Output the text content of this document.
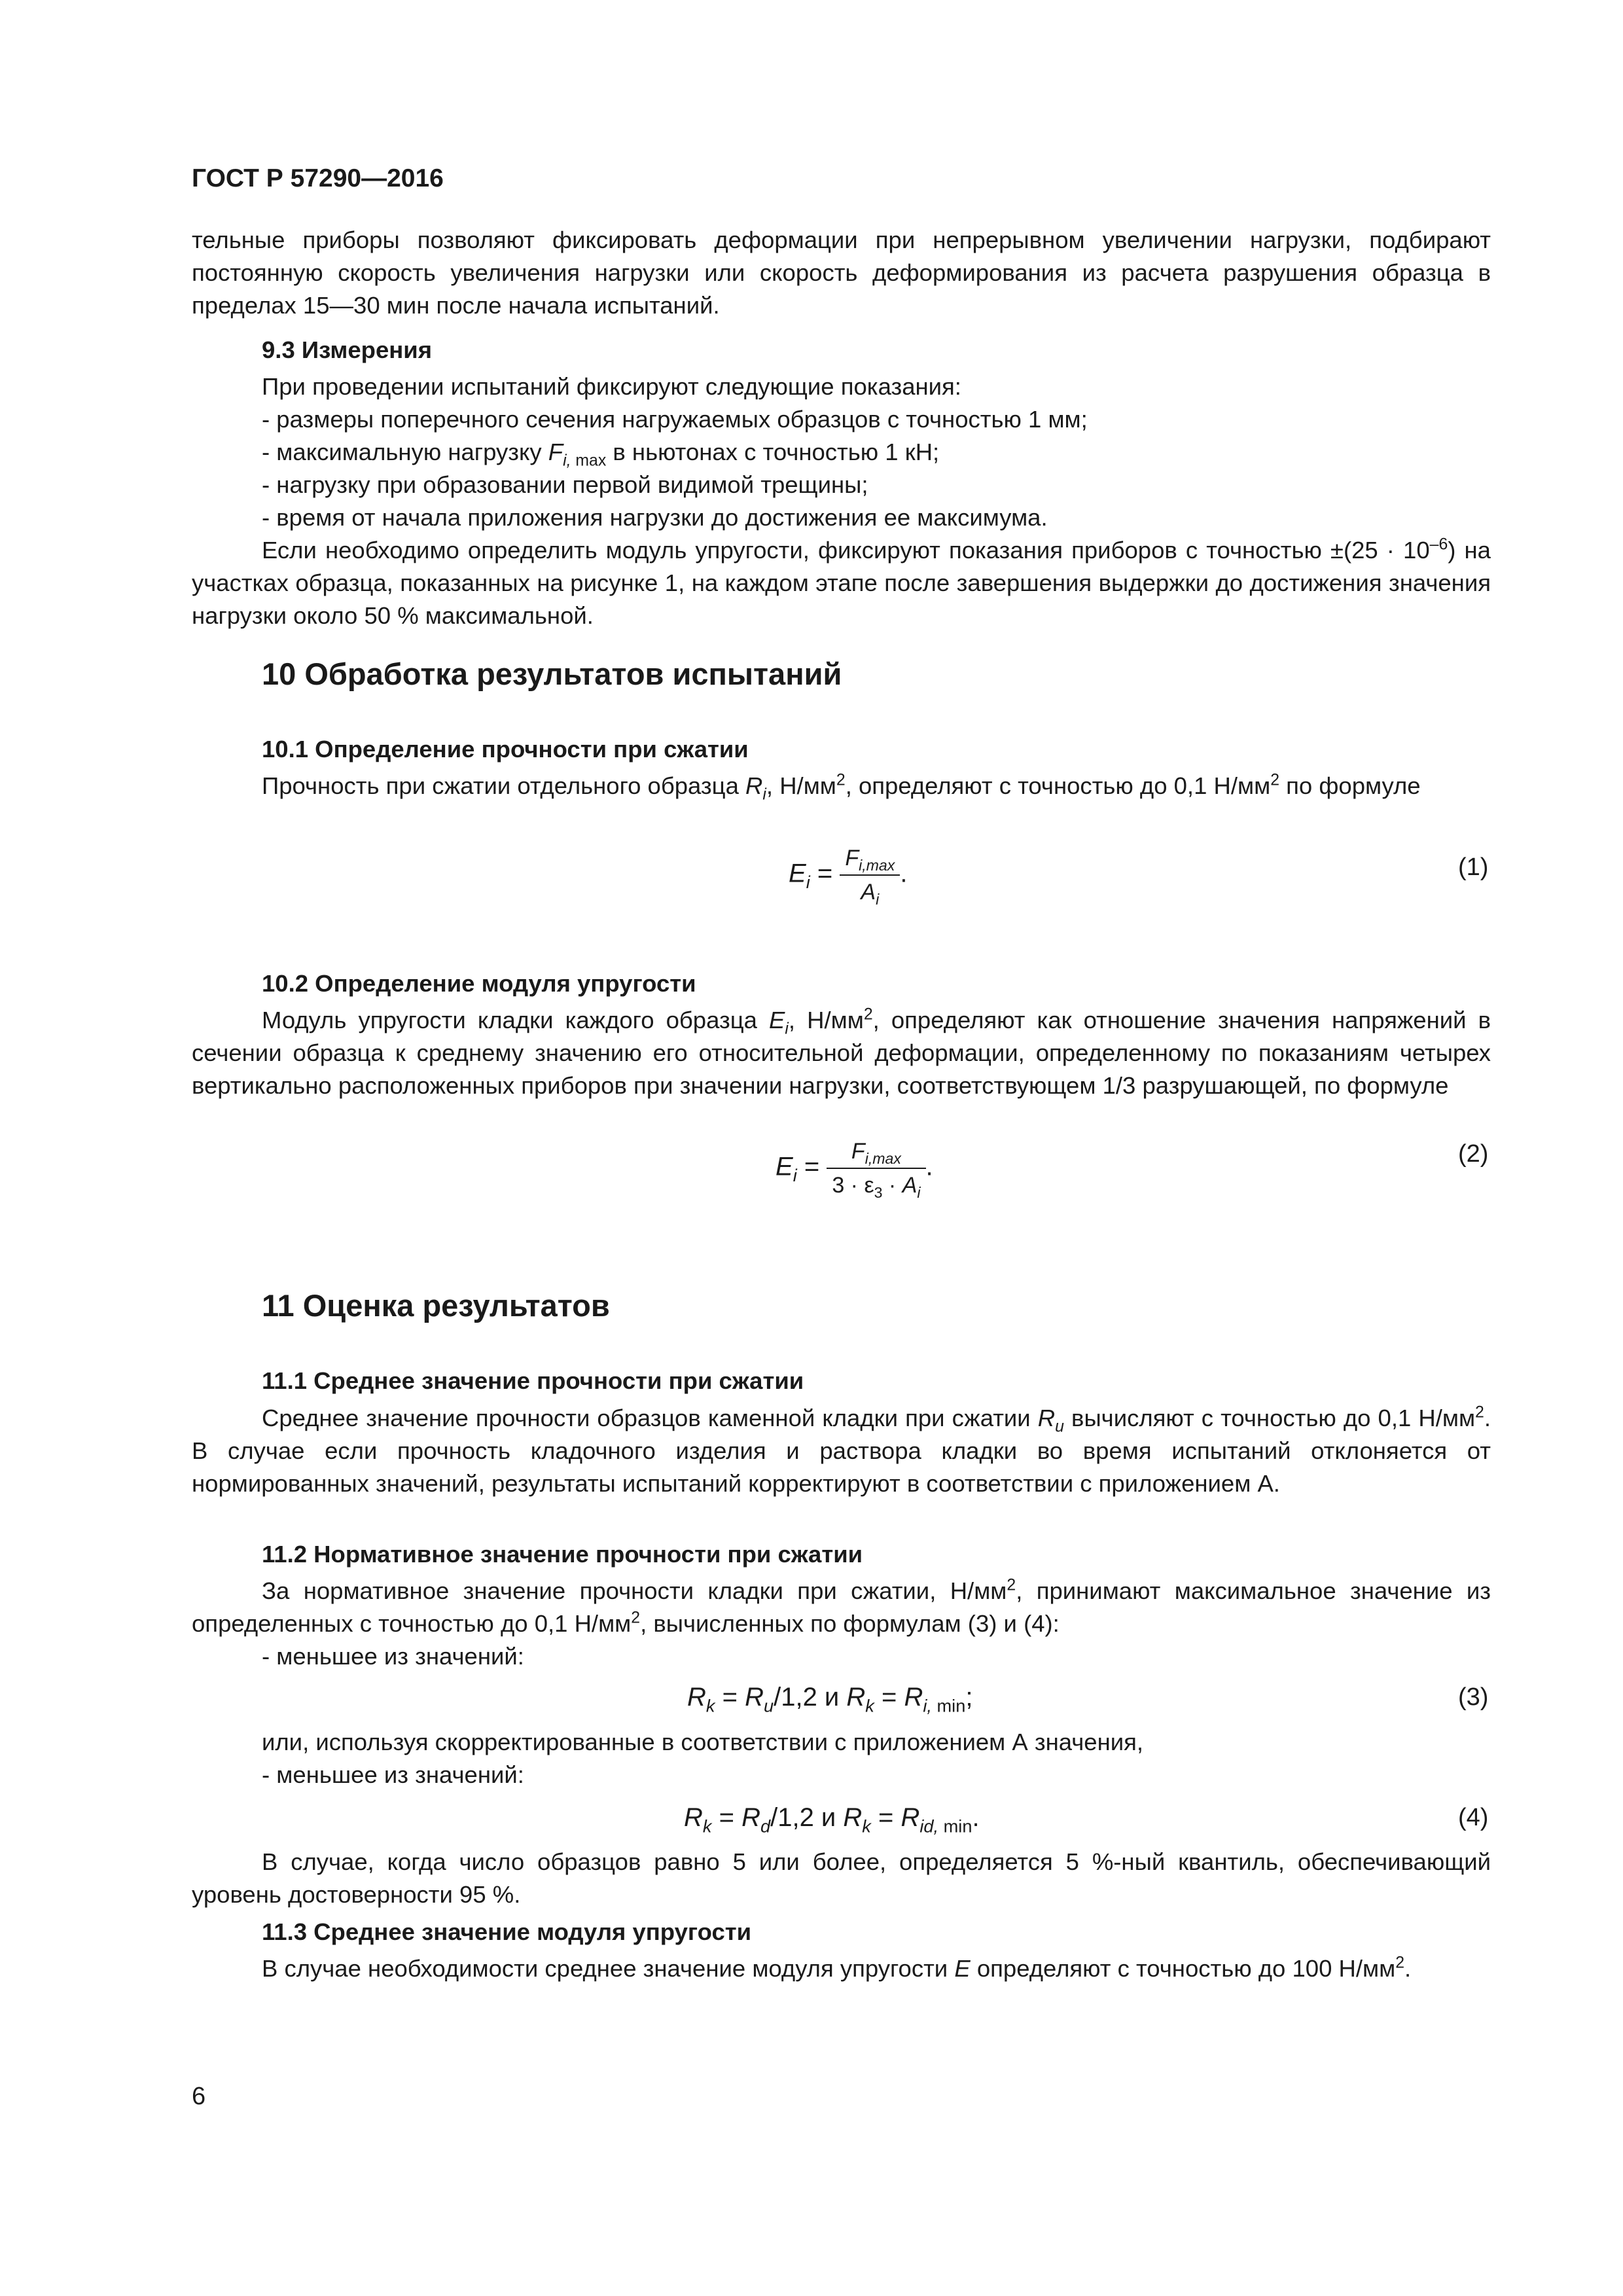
ГОСТ Р 57290—2016

тельные приборы позволяют фиксировать деформации при непрерывном увеличении нагрузки, подбирают постоянную скорость увеличения нагрузки или скорость деформирования из расчета разрушения образца в пределах 15—30 мин после начала испытаний.

9.3 Измерения
При проведении испытаний фиксируют следующие показания:
- размеры поперечного сечения нагружаемых образцов с точностью 1 мм;
- максимальную нагрузку $F_{i, max}$ в ньютонах с точностью 1 кН;
- нагрузку при образовании первой видимой трещины;
- время от начала приложения нагрузки до достижения ее максимума.

Если необходимо определить модуль упругости, фиксируют показания приборов с точностью $\pm(25 \cdot 10^{-6})$ на участках образца, показанных на рисунке 1, на каждом этапе после завершения выдержки до достижения значения нагрузки около 50 % максимальной.

10 Обработка результатов испытаний
10.1 Определение прочности при сжатии

Прочность при сжатии отдельного образца $R_i$, $Н/мм^2$, определяют с точностью до 0,1 $Н/мм^2$ по формуле

$E_i = \frac{F_{i,max}}{A_i}$ .	(1)
10.2 Определение модуля упругости

Модуль упругости кладки каждого образца $E_i$, $Н/мм^2$, определяют как отношение значения напряжений в сечении образца к среднему значению его относительной деформации, определенному по показаниям четырех вертикально расположенных приборов при значении нагрузки, соответствующем 1/3 разрушающей, по формуле

$E_i = \frac{F_{i,max}}{3 \cdot \varepsilon_3 \cdot A_i}$ .	(2)
11 Оценка результатов
11.1 Среднее значение прочности при сжатии

Среднее значение прочности образцов каменной кладки при сжатии $R_u$ вычисляют с точностью до 0,1 $Н/мм^2$. В случае если прочность кладочного изделия и раствора кладки во время испытаний отклоняется от нормированных значений, результаты испытаний корректируют в соответствии с приложением А.

11.2 Нормативное значение прочности при сжатии

За нормативное значение прочности кладки при сжатии, $Н/мм^2$, принимают максимальное значение из определенных с точностью до 0,1 $Н/мм^2$, вычисленных по формулам (3) и (4):

- меньшее из значений:
$R_k = R_u/1,2$ и $R_k = R_{i, min}$;	(3)
или, используя скорректированные в соответствии с приложением А значения,
- меньшее из значений:
$R_k = R_d/1,2$ и $R_k = R_{id, min}$.	(4)

В случае, когда число образцов равно 5 или более, определяется 5 %-ный квантиль, обеспечивающий уровень достоверности 95 %.

11.3 Среднее значение модуля упругости

В случае необходимости среднее значение модуля упругости E определяют с точностью до 100 $Н/мм^2$.

6
